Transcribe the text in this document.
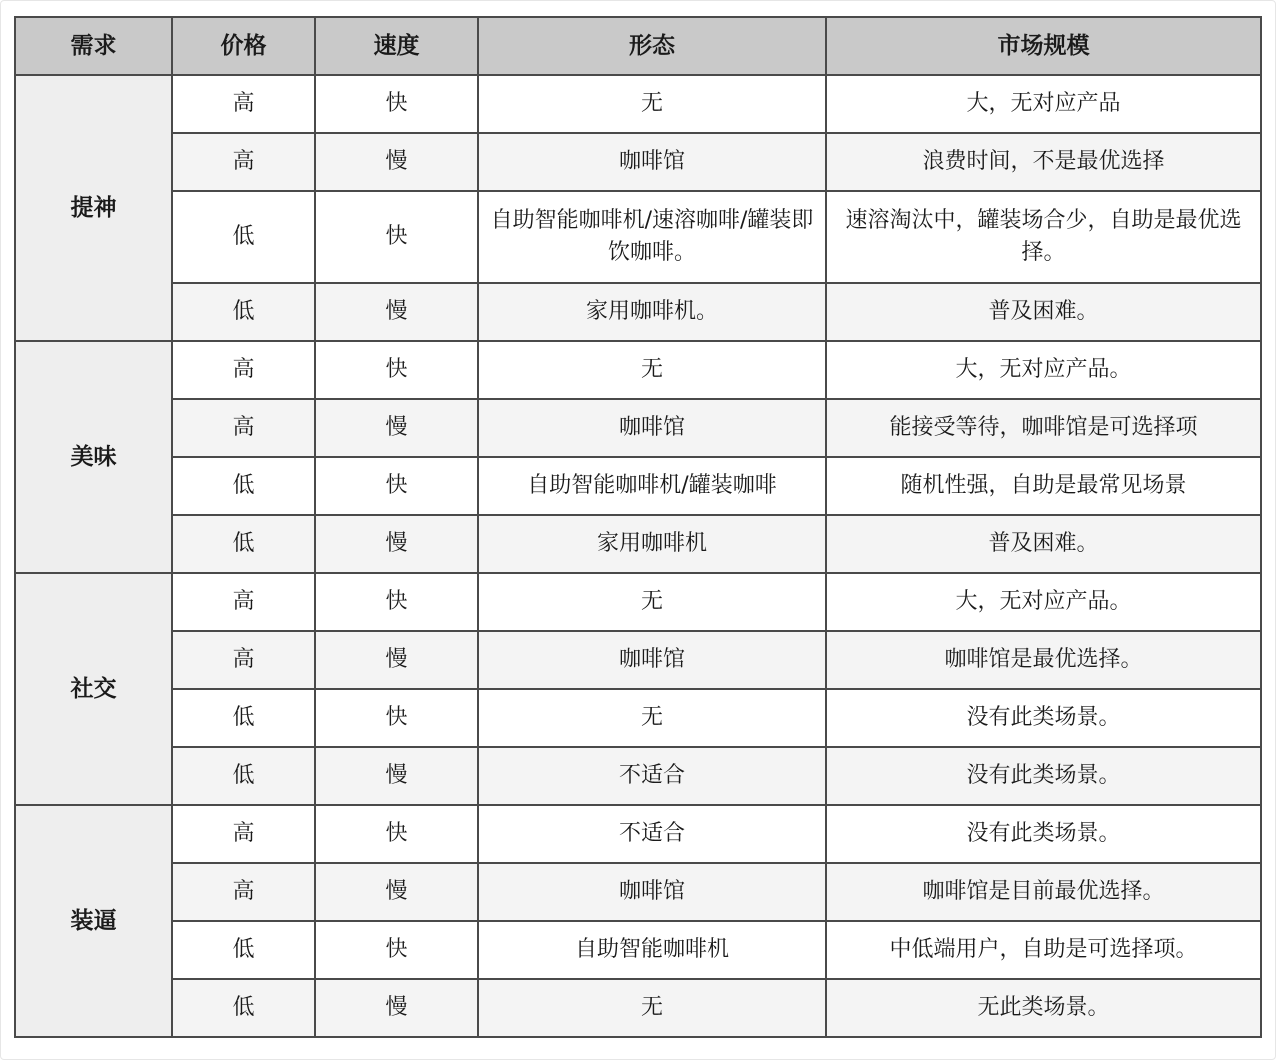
需求	价格	速度	形态	市场规模
提神	高	快	无	大，无对应产品
	高	慢	咖啡馆	浪费时间，不是最优选择
	低	快	自助智能咖啡机/速溶咖啡/罐装即饮咖啡。	速溶淘汰中，罐装场合少，自助是最优选择。
	低	慢	家用咖啡机。	普及困难。
美味	高	快	无	大，无对应产品。
	高	慢	咖啡馆	能接受等待，咖啡馆是可选择项
	低	快	自助智能咖啡机/罐装咖啡	随机性强，自助是最常见场景
	低	慢	家用咖啡机	普及困难。
社交	高	快	无	大，无对应产品。
	高	慢	咖啡馆	咖啡馆是最优选择。
	低	快	无	没有此类场景。
	低	慢	不适合	没有此类场景。
装逼	高	快	不适合	没有此类场景。
	高	慢	咖啡馆	咖啡馆是目前最优选择。
	低	快	自助智能咖啡机	中低端用户，自助是可选择项。
	低	慢	无	无此类场景。
